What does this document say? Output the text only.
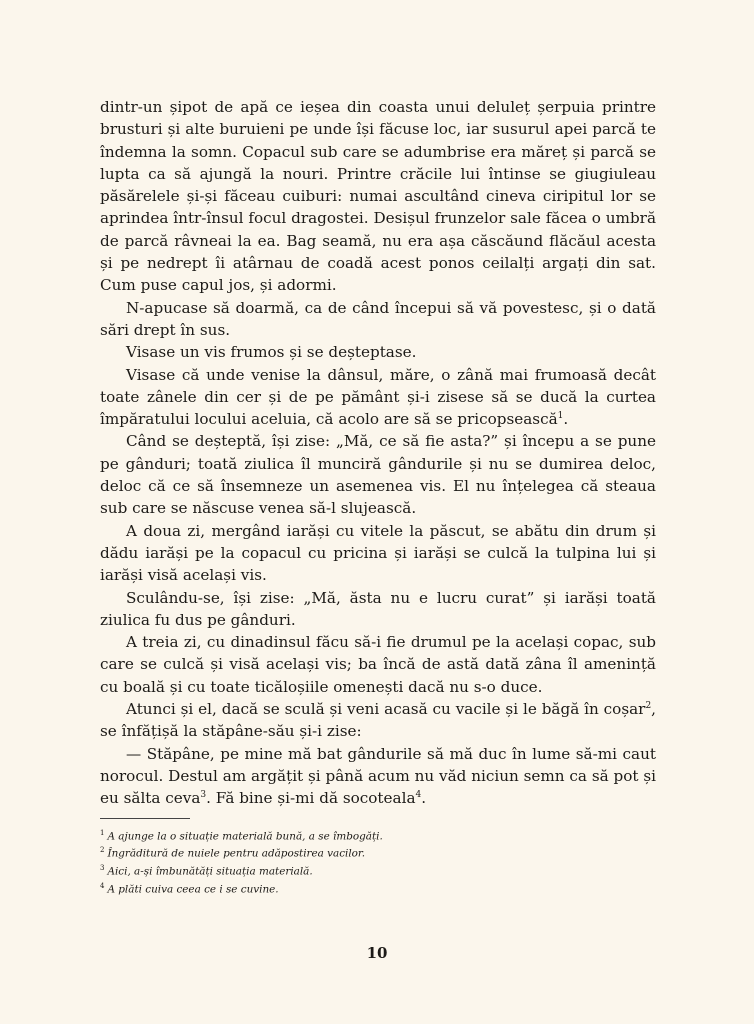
dintr-un șipot de apă ce ieșea din coasta unui deluleț șerpuia printre brusturi și alte buruieni pe unde își făcuse loc, iar susurul apei parcă te îndemna la somn. Copacul sub care se adumbrise era măreț și parcă se lupta ca să ajungă la nouri. Printre crăcile lui întinse se giugiuleau păsărelele și-și făceau cuiburi: numai ascultând cineva ciripitul lor se aprindea într-însul focul dragostei. Desișul frunzelor sale făcea o umbră de parcă râvneai la ea. Bag seamă, nu era așa căscăund flăcăul acesta și pe nedrept îi atârnau de coadă acest ponos ceilalți argați din sat. Cum puse capul jos, și adormi.

N-apucase să doarmă, ca de când începui să vă povestesc, și o dată sări drept în sus.

Visase un vis frumos și se deșteptase.

Visase că unde venise la dânsul, măre, o zână mai frumoasă decât toate zânele din cer și de pe pământ și-i zisese să se ducă la curtea împăratului locului aceluia, că acolo are să se pricopsească$^1$.

Când se deșteptă, își zise: „Mă, ce să fie asta?” și începu a se pune pe gânduri; toată ziulica îl munciră gândurile și nu se dumirea deloc, deloc că ce să însemneze un asemenea vis. El nu înțelegea că steaua sub care se născuse venea să-l slujească.

A doua zi, mergând iarăși cu vitele la păscut, se abătu din drum și dădu iarăși pe la copacul cu pricina și iarăși se culcă la tulpina lui și iarăși visă același vis.

Sculându-se, își zise: „Mă, ăsta nu e lucru curat” și iarăși toată ziulica fu dus pe gânduri.

A treia zi, cu dinadinsul făcu să-i fie drumul pe la același copac, sub care se culcă și visă același vis; ba încă de astă dată zâna îl amenință cu boală și cu toate ticăloșiile omenești dacă nu s-o duce.

Atunci și el, dacă se sculă și veni acasă cu vacile și le băgă în coșar$^2$, se înfățișă la stăpâne-său și-i zise:

— Stăpâne, pe mine mă bat gândurile să mă duc în lume să-mi caut norocul. Destul am argățit și până acum nu văd niciun semn ca să pot și eu sălta ceva$^3$. Fă bine și-mi dă socoteala$^4$.

$^1$ A ajunge la o situație materială bună, a se îmbogăți.

$^2$ Îngrăditură de nuiele pentru adăpostirea vacilor.

$^3$ Aici, a-și îmbunătăți situația materială.

$^4$ A plăti cuiva ceea ce i se cuvine.

10
